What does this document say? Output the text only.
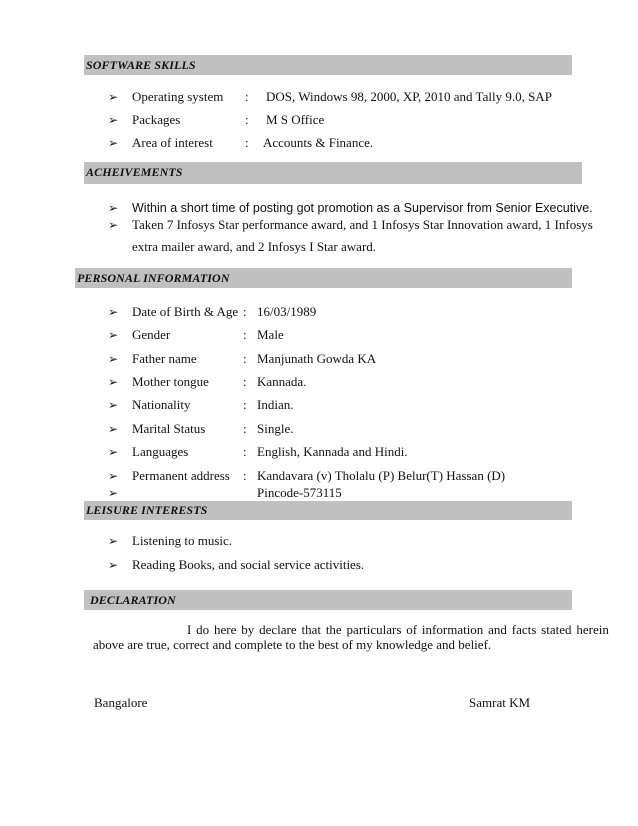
SOFTWARE SKILLS
➢ Operating system : DOS, Windows 98, 2000, XP, 2010 and Tally 9.0, SAP
➢ Packages	: M S Office
➢ Area of interest : Accounts & Finance.
ACHEIVEMENTS
➢ Within a short time of posting got promotion as a Supervisor from Senior Executive.
➢ Taken 7 Infosys Star performance award, and 1 Infosys Star Innovation award, 1 Infosys
extra mailer award, and 2 Infosys I Star award.
PERSONAL INFORMATION
➢ Date of Birth & Age : 16/03/1989
➢ Gender	: Male
➢ Father name	: Manjunath Gowda KA
➢ Mother tongue	: Kannada.
➢ Nationality	: Indian.
➢ Marital Status	: Single.
➢ Languages	: English, Kannada and Hindi.
➢ Permanent address : Kandavara (v) Tholalu (P) Belur(T) Hassan (D)
➢	Pincode-573115
LEISURE INTERESTS
➢ Listening to music.
➢ Reading Books, and social service activities.
DECLARATION
I do here by declare that the particulars of information and facts stated herein
above are true, correct and complete to the best of my knowledge and belief.
Bangalore	Samrat KM
